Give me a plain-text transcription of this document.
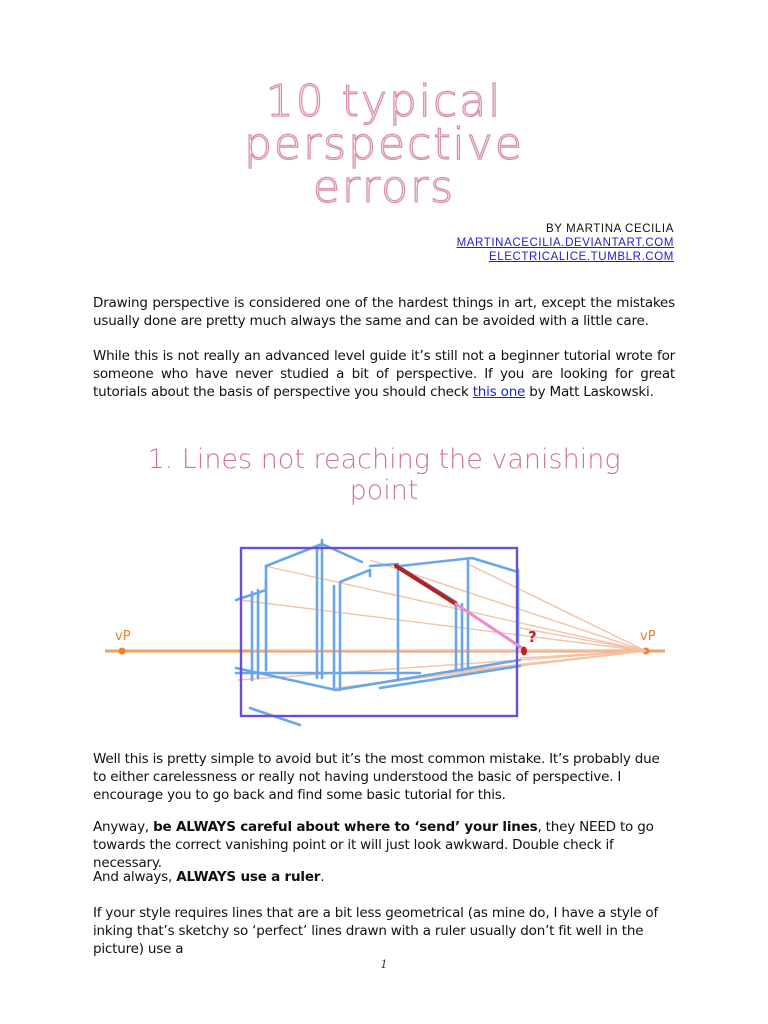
10 typical
perspective
errors
BY MARTINA CECILIA
MARTINACECILIA.DEVIANTART.COM
ELECTRICALICE.TUMBLR.COM
Drawing perspective is considered one of the hardest things in art, except the mistakes usually done are pretty much always the same and can be avoided with a little care.
While this is not really an advanced level guide it’s still not a beginner tutorial wrote for someone who have never studied a bit of perspective. If you are looking for great tutorials about the basis of perspective you should check this one by Matt Laskowski.
1. Lines not reaching the vanishing
point
vP	vP
?
Well this is pretty simple to avoid but it’s the most common mistake. It’s probably due to either carelessness or really not having understood the basic of perspective. I encourage you to go back and find some basic tutorial for this.
Anyway, be ALWAYS careful about where to ‘send’ your lines, they NEED to go towards the correct vanishing point or it will just look awkward. Double check if necessary.
And always, ALWAYS use a ruler.
If your style requires lines that are a bit less geometrical (as mine do, I have a style of inking that’s sketchy so ‘perfect’ lines drawn with a ruler usually don’t fit well in the picture) use a
1
